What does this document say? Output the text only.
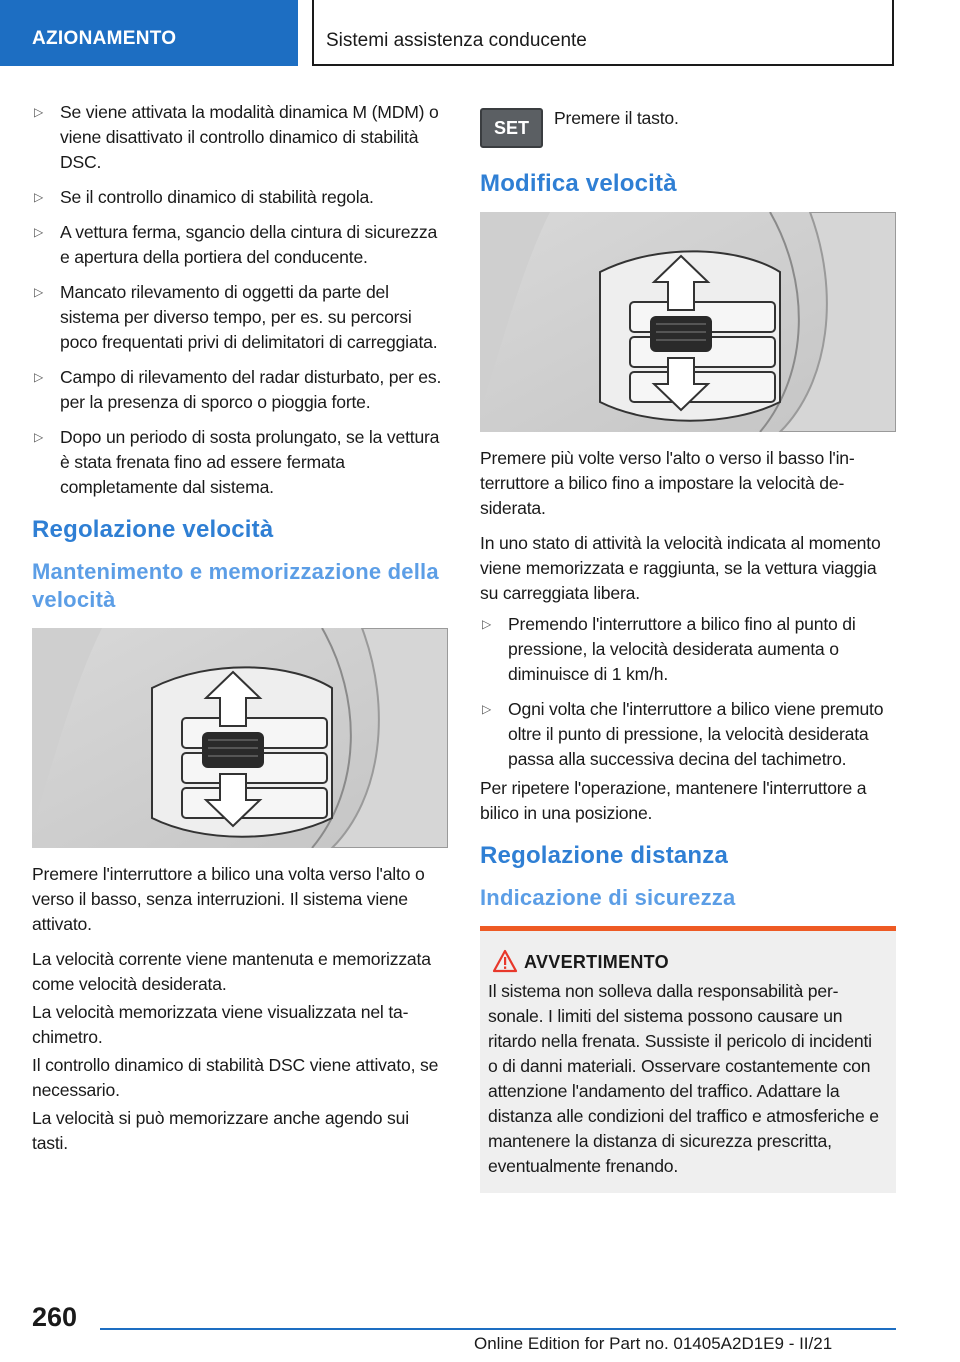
AZIONAMENTO	Sistemi assistenza conducente
▷ Se viene attivata la modalità dinamica M (MDM) o viene disattivato il controllo dinamico di stabilità DSC.
▷ Se il controllo dinamico di stabilità regola.
▷ A vettura ferma, sgancio della cintura di sicurezza e apertura della portiera del conducente.
▷ Mancato rilevamento di oggetti da parte del sistema per diverso tempo, per es. su percorsi poco frequentati privi di delimitatori di carreggiata.
▷ Campo di rilevamento del radar disturbato, per es. per la presenza di sporco o pioggia forte.
▷ Dopo un periodo di sosta prolungato, se la vettura è stata frenata fino ad essere fermata completamente dal sistema.
Regolazione velocità
Mantenimento e memorizzazione della velocità

Premere l'interruttore a bilico una volta verso l'alto o verso il basso, senza interruzioni. Il sistema viene attivato.

La velocità corrente viene mantenuta e memorizzata come velocità desiderata.

La velocità memorizzata viene visualizzata nel tachimetro.

Il controllo dinamico di stabilità DSC viene attivato, se necessario.

La velocità si può memorizzare anche agendo sui tasti.

SET	Premere il tasto.

Modifica velocità

Premere più volte verso l'alto o verso il basso l'interruttore a bilico fino a impostare la velocità desiderata.

In uno stato di attività la velocità indicata al momento viene memorizzata e raggiunta, se la vettura viaggia su carreggiata libera.

▷ Premendo l'interruttore a bilico fino al punto di pressione, la velocità desiderata aumenta o diminuisce di 1 km/h.
▷ Ogni volta che l'interruttore a bilico viene premuto oltre il punto di pressione, la velocità desiderata passa alla successiva decina del tachimetro.

Per ripetere l'operazione, mantenere l'interruttore a bilico in una posizione.

Regolazione distanza
Indicazione di sicurezza
AVVERTIMENTO

Il sistema non solleva dalla responsabilità personale. I limiti del sistema possono causare un ritardo nella frenata. Sussiste il pericolo di incidenti o di danni materiali. Osservare costantemente con attenzione l'andamento del traffico. Adattare la distanza alle condizioni del traffico e atmosferiche e mantenere la distanza di sicurezza prescritta, eventualmente frenando.

260
Online Edition for Part no. 01405A2D1E9 - II/21
